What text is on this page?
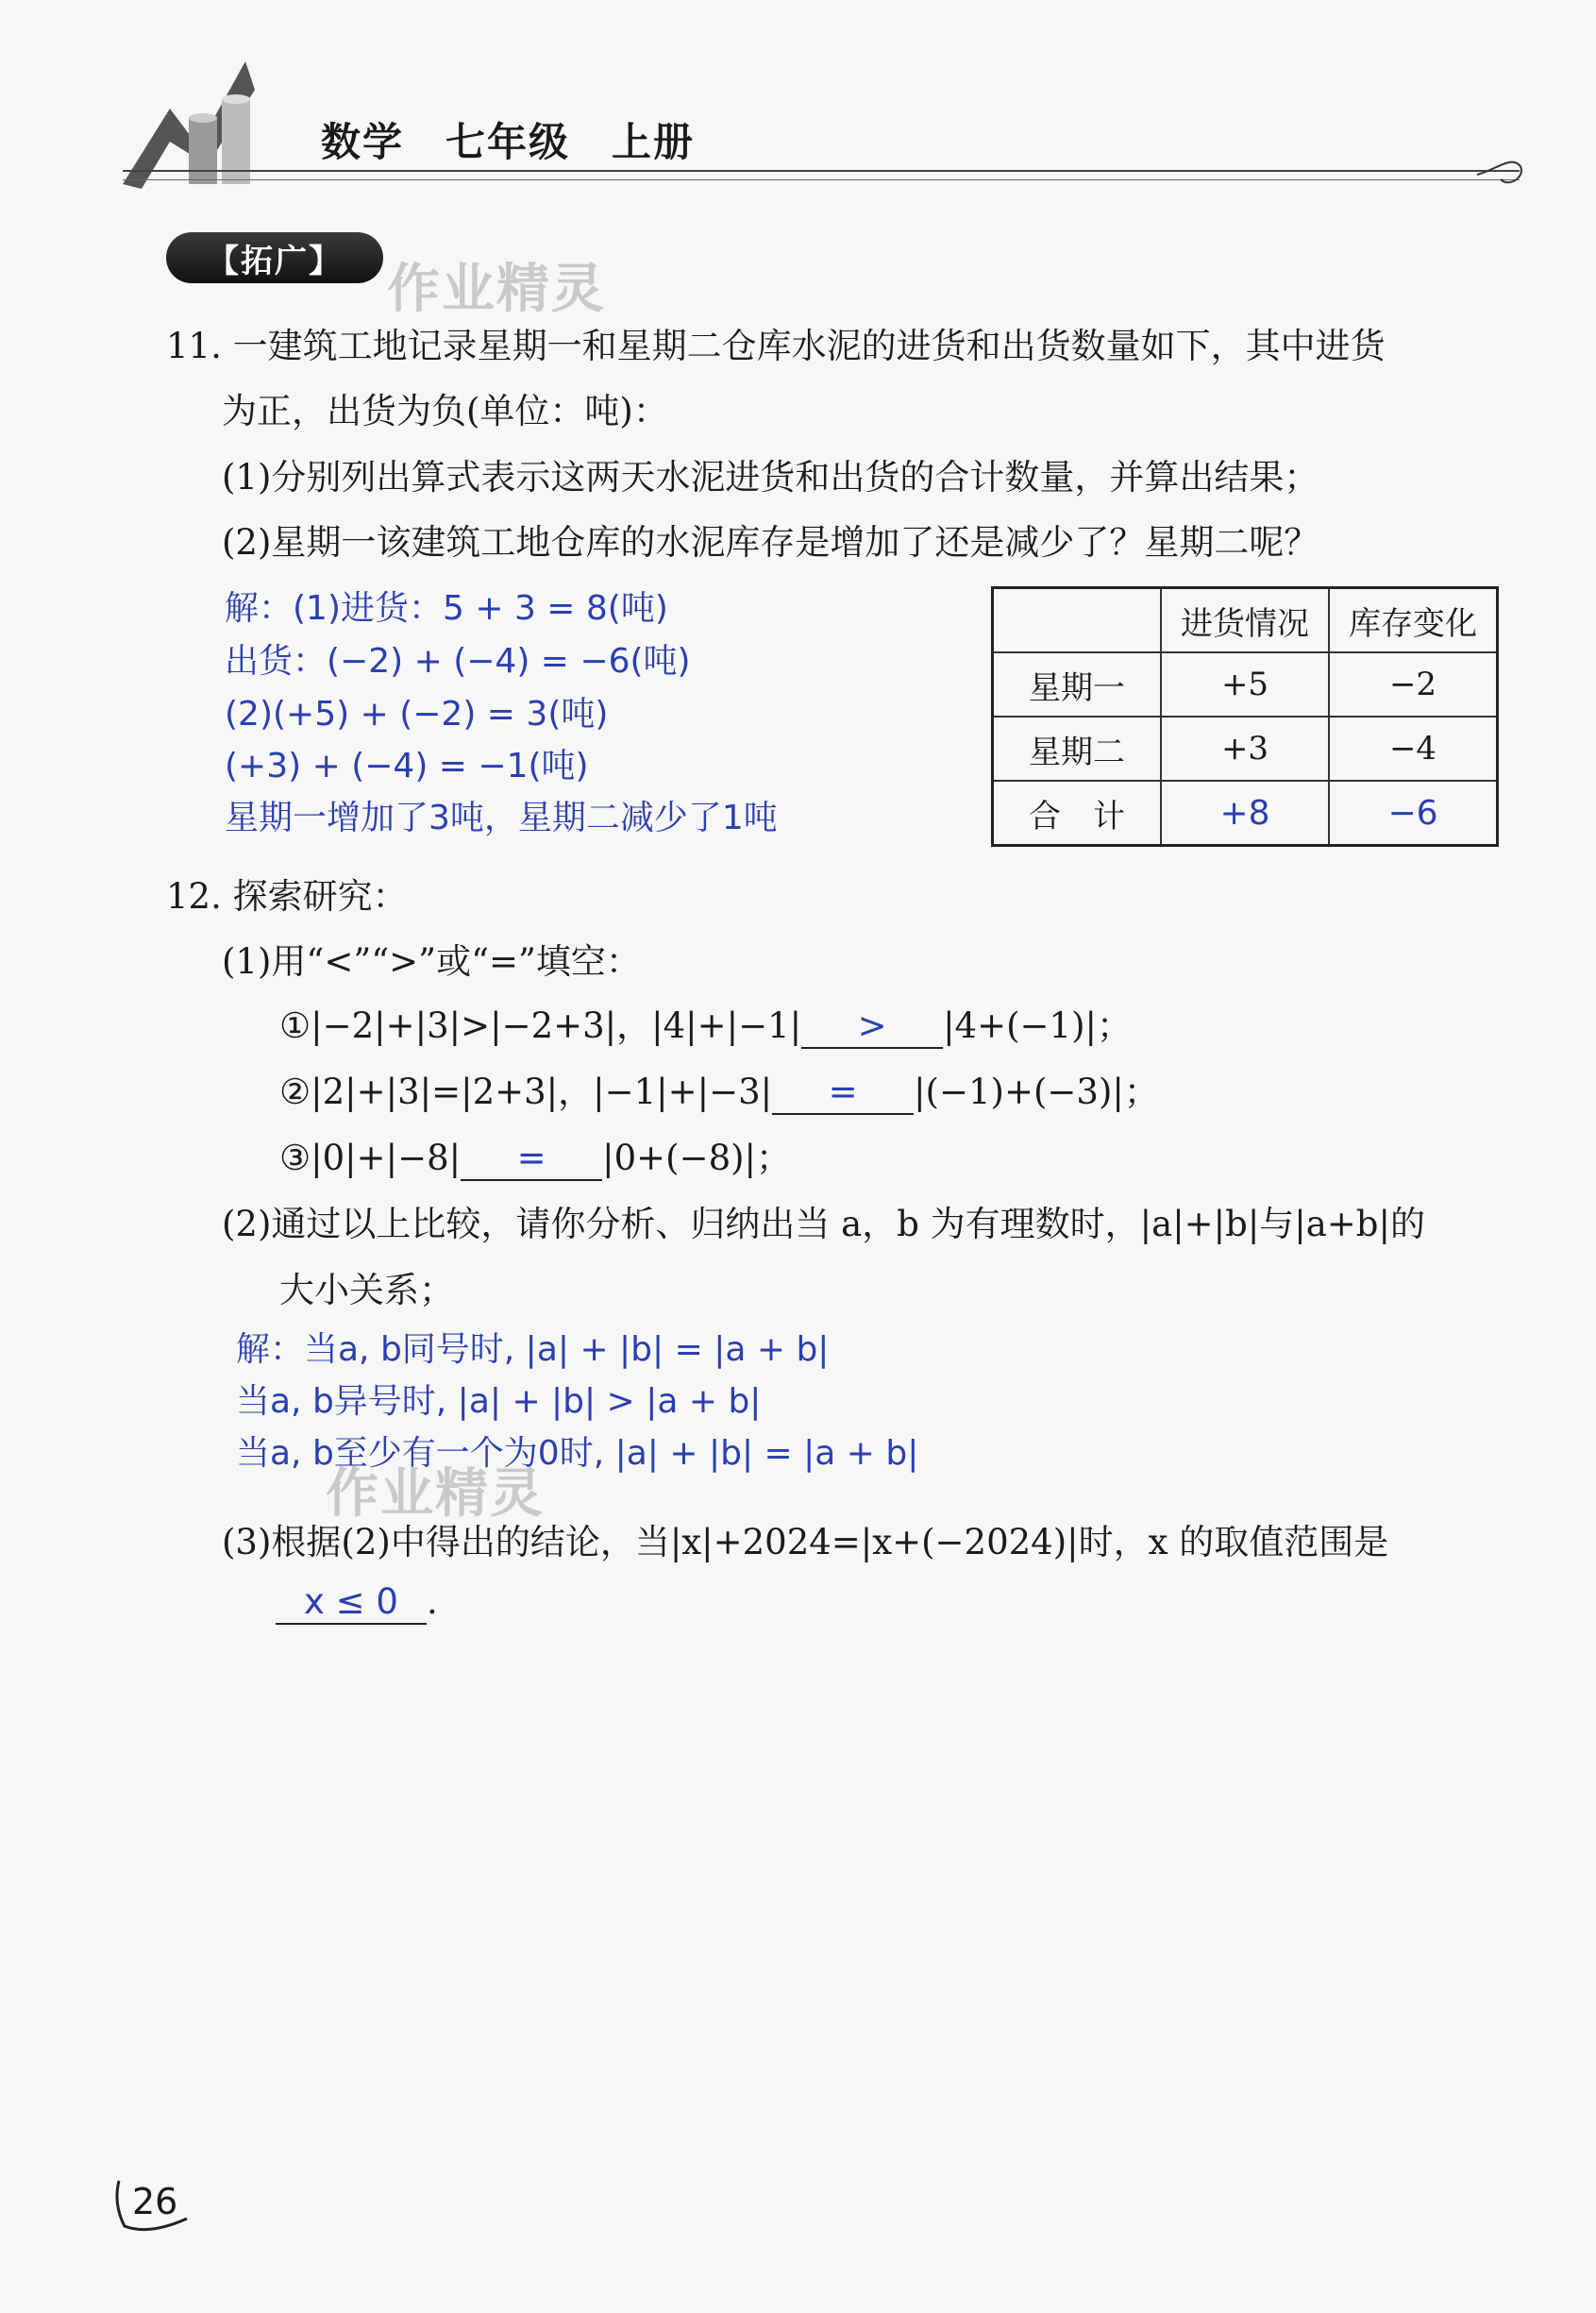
数学　七年级　上册
【拓广】 作业精灵
11. 一建筑工地记录星期一和星期二仓库水泥的进货和出货数量如下，其中进货
为正，出货为负(单位：吨)：
(1)分别列出算式表示这两天水泥进货和出货的合计数量，并算出结果；
(2)星期一该建筑工地仓库的水泥库存是增加了还是减少了？星期二呢？
解：(1)进货：5 + 3 = 8(吨)
出货：(−2) + (−4) = −6(吨)
(2)(+5) + (−2) = 3(吨)
(+3) + (−4) = −1(吨)
星期一增加了3吨，星期二减少了1吨
	进货情况	库存变化
星期一	+5	−2
星期二	+3	−4
合　计	+8	−6
12. 探索研究：
(1)用“<”“>”或“=”填空：
①|−2|+|3|>|−2+3|，|4|+|−1| > |4+(−1)|；
②|2|+|3|=|2+3|，|−1|+|−3| = |(−1)+(−3)|；
③|0|+|−8| = |0+(−8)|；
(2)通过以上比较，请你分析、归纳出当 a，b 为有理数时，|a|+|b|与|a+b|的
大小关系；
解：当a, b同号时, |a| + |b| = |a + b|
当a, b异号时, |a| + |b| > |a + b|
当a, b至少有一个为0时, |a| + |b| = |a + b|
作业精灵
(3)根据(2)中得出的结论，当|x|+2024=|x+(−2024)|时，x 的取值范围是
x ≤ 0 .
26
